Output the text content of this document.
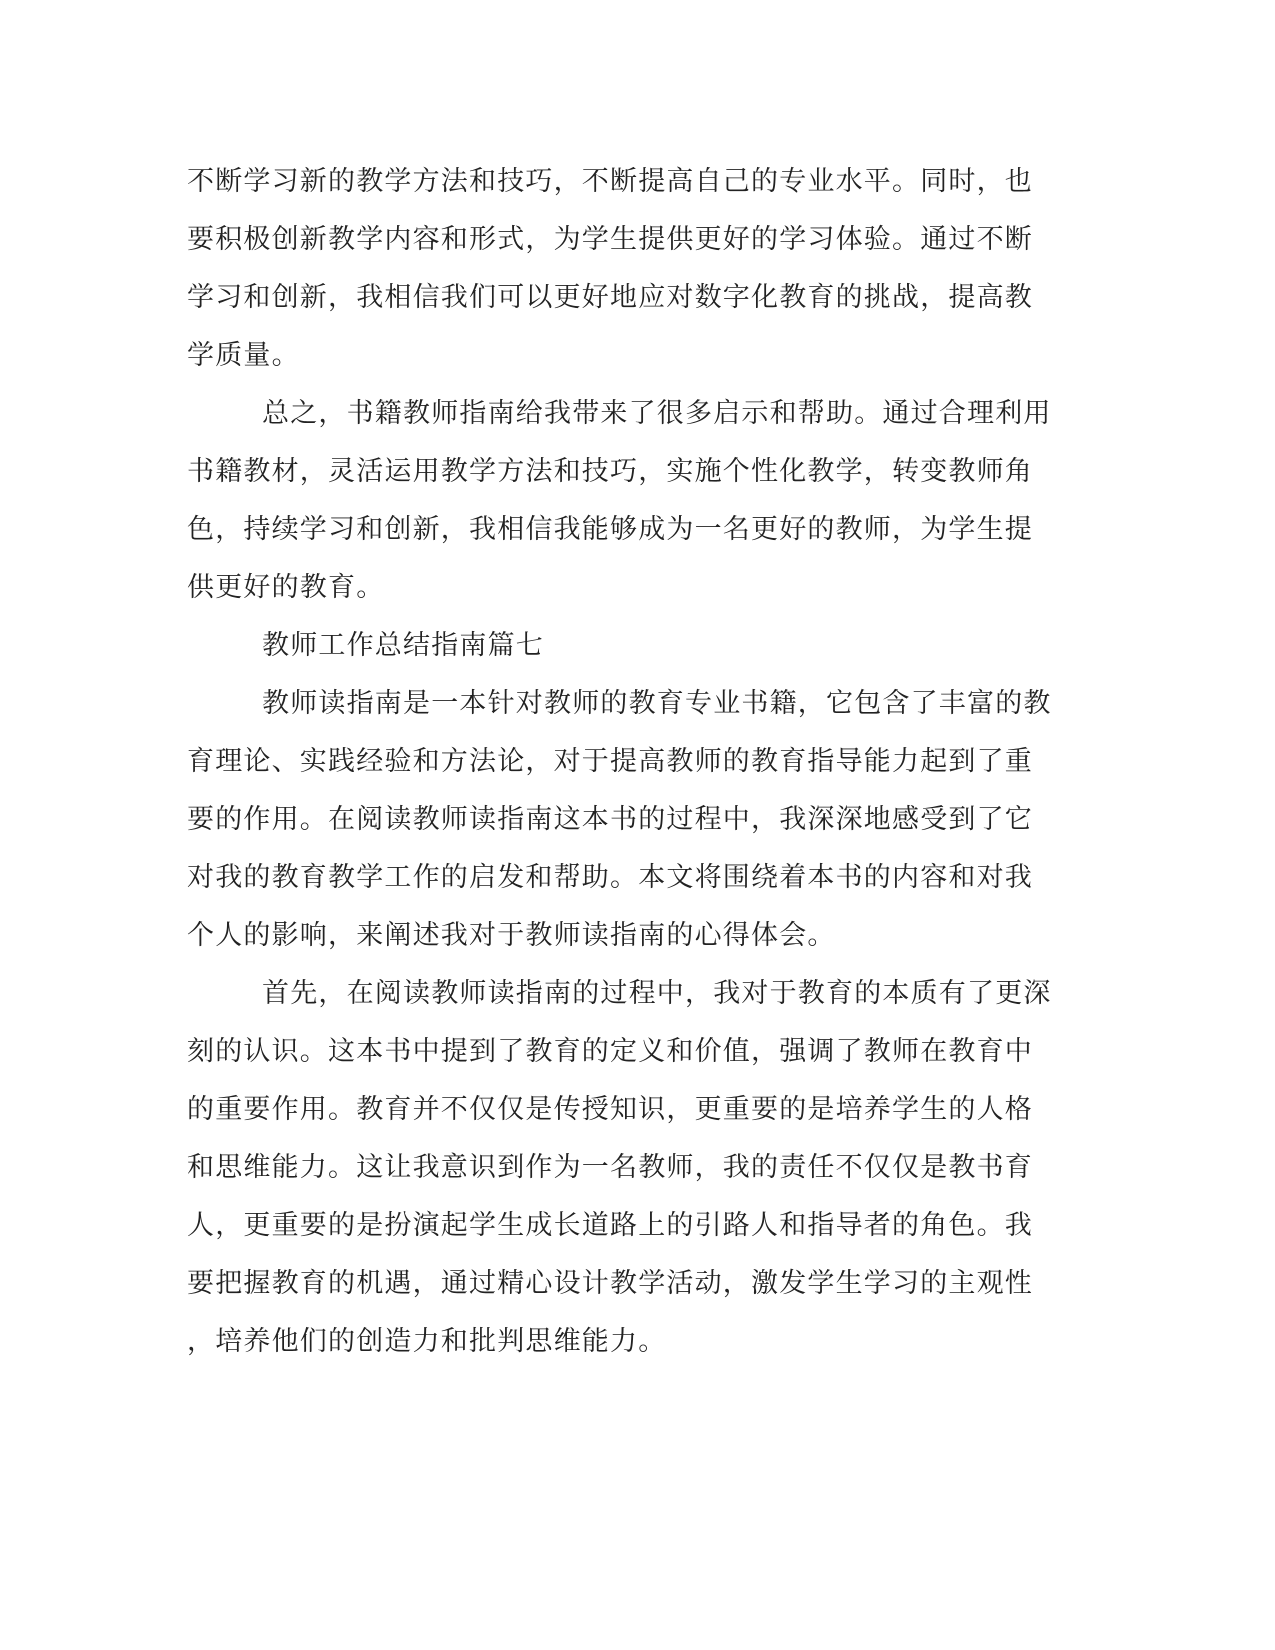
不断学习新的教学方法和技巧，不断提高自己的专业水平。同时，也
要积极创新教学内容和形式，为学生提供更好的学习体验。通过不断
学习和创新，我相信我们可以更好地应对数字化教育的挑战，提高教
学质量。
总之，书籍教师指南给我带来了很多启示和帮助。通过合理利用
书籍教材，灵活运用教学方法和技巧，实施个性化教学，转变教师角
色，持续学习和创新，我相信我能够成为一名更好的教师，为学生提
供更好的教育。
教师工作总结指南篇七
教师读指南是一本针对教师的教育专业书籍，它包含了丰富的教
育理论、实践经验和方法论，对于提高教师的教育指导能力起到了重
要的作用。在阅读教师读指南这本书的过程中，我深深地感受到了它
对我的教育教学工作的启发和帮助。本文将围绕着本书的内容和对我
个人的影响，来阐述我对于教师读指南的心得体会。
首先，在阅读教师读指南的过程中，我对于教育的本质有了更深
刻的认识。这本书中提到了教育的定义和价值，强调了教师在教育中
的重要作用。教育并不仅仅是传授知识，更重要的是培养学生的人格
和思维能力。这让我意识到作为一名教师，我的责任不仅仅是教书育
人，更重要的是扮演起学生成长道路上的引路人和指导者的角色。我
要把握教育的机遇，通过精心设计教学活动，激发学生学习的主观性
，培养他们的创造力和批判思维能力。
